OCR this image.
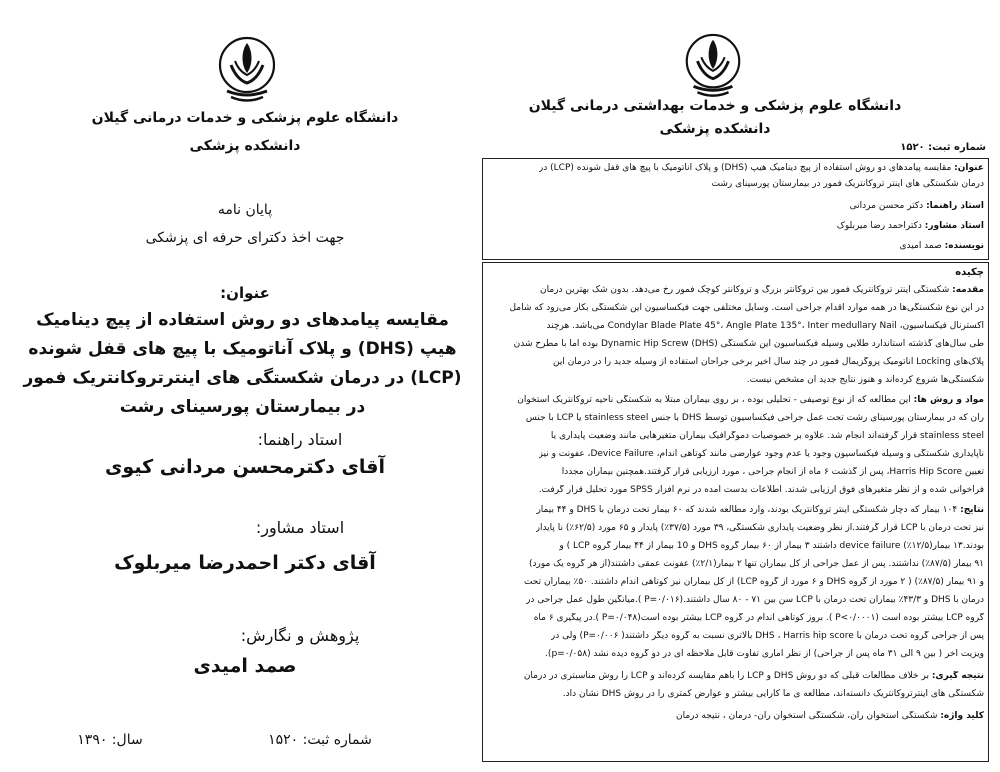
دانشگاه علوم پزشکی و خدمات درمانی گیلان
دانشکده پزشکی
پایان نامه
جهت اخذ دکترای حرفه ای پزشکی
عنوان:
مقایسه پیامدهای دو روش استفاده از پیچ دینامیک هیپ (DHS) و پلاک آناتومیک با پیچ های قفل شونده (LCP) در درمان شکستگی های اینترتروکانتریک فمور در بیمارستان پورسینای رشت
استاد راهنما:
آقای دکترمحسن مردانی کیوی
استاد مشاور:
آقای دکتر احمدرضا میربلوک
پژوهش و نگارش:
صمد امیدی
شماره ثبت: ۱۵۲۰
سال: ۱۳۹۰
دانشگاه علوم پزشکی و خدمات بهداشتی درمانی گیلان
دانشکده پزشکی
شماره ثبت: ۱۵۲۰
عنوان: مقایسه پیامدهای دو روش استفاده از پیچ دینامیک هیپ (DHS) و پلاک آناتومیک با پیچ های قفل شونده (LCP) در
درمان شکستگی های اینتر تروکانتریک فمور در بیمارستان پورسینای رشت
استاد راهنما: دکتر محسن مردانی
استاد مشاور: دکتراحمد رضا میربلوک
نویسنده: صمد امیدی
چکیده
مقدمه: شکستگی اینتر تروکانتریک فمور بین تروکانتر بزرگ و تروکانتر کوچک فمور رخ می‌دهد. بدون شک بهترین درمان
در این نوع شکستگی‌ها در همه موارد اقدام جراحی است. وسایل مختلفی جهت فیکساسیون این شکستگی بکار می‌رود که شامل
اکسترنال فیکساسیون، Condylar Blade Plate 45°، Angle Plate 135°، Inter medullary Nail می‌باشد. هرچند
طی سال‌های گذشته استاندارد طلایی وسیله فیکساسیون این شکستگی Dynamic Hip Screw (DHS) بوده اما با مطرح شدن
پلاک‌های Locking آناتومیک پروگزیمال فمور در چند سال اخیر برخی جراحان استفاده از وسیله جدید را در درمان این
شکستگی‌ها شروع کرده‌اند و هنوز نتایج جدید آن مشخص نیست.
مواد و روش ها: این مطالعه که از نوع توصیفی - تحلیلی بوده ، بر روی بیماران مبتلا به شکستگی ناحیه تروکانتریک استخوان
ران که در بیمارستان پورسینای رشت تحت عمل جراحی فیکساسیون توسط DHS با جنس stainless steel یا LCP با جنس
stainless steel قرار گرفته‌اند انجام شد. علاوه بر خصوصیات دموگرافیک بیماران متغیرهایی مانند وضعیت پایداری یا
ناپایداری شکستگی و وسیله فیکساسیون وجود یا عدم وجود عوارضی مانند کوتاهی اندام، Device Failure، عفونت و نیز
تعیین Harris Hip Score، پس از گذشت ۶ ماه از انجام جراحی ، مورد ارزیابی قرار گرفتند.همچنین بیماران مجددا
فراخوانی شده و از نظر متغیرهای فوق ارزیابی شدند. اطلاعات بدست آمده در نرم افزار SPSS مورد تحلیل قرار گرفت.
نتایج: ۱۰۴ بیمار که دچار شکستگی اینتر تروکانتریک بودند، وارد مطالعه شدند که ۶۰ بیمار تحت درمان با DHS و ۴۴ بیمار
نیز تحت درمان با LCP قرار گرفتند.از نظر وضعیت پایداری شکستگی، ۳۹ مورد (۳۷/۵٪) پایدار و ۶۵ مورد (۶۲/۵٪) نا پایدار
بودند.۱۳ بیمار(۱۲/۵٪) device failure داشتند ۳ بیمار از ۶۰ بیمار گروه DHS و 10 بیمار از ۴۴ بیمار گروه LCP ) و
۹۱ بیمار (۸۷/۵٪) نداشتند. پس از عمل جراحی از کل بیماران تنها ۲ بیمار(۲/۱٪) عفونت عمقی داشتند(از هر گروه یک مورد)
و ۹۱ بیمار (۸۷/۵٪) ( ۲ مورد از گروه DHS و ۶ مورد از گروه LCP) از کل بیماران نیز کوتاهی اندام داشتند. ۵۰٪ بیماران تحت
درمان با DHS و ۴۳/۳٪ بیماران تحت درمان با LCP سن بین ۷۱ - ۸۰ سال داشتند.(P=۰/۰۱۶ ).میانگین طول عمل جراحی در
گروه LCP بیشتر بوده است (P<۰/۰۰۰۱ ). بروز کوتاهی اندام در گروه LCP بیشتر بوده است(P=۰/۰۴۸ ).در پیگیری ۶ ماه
پس از جراحی گروه تحت درمان با DHS ، Harris hip score بالاتری نسبت به گروه دیگر داشتند( P=۰/۰۰۶) ولی در
ویزیت آخر ( بین ۹ الی ۳۱ ماه پس از جراحی) از نظر آماری تفاوت قابل ملاحظه ای در دو گروه دیده نشد (p=۰/۰۵۸).
نتیجه گیری: بر خلاف مطالعات قبلی که دو روش DHS و LCP را باهم مقایسه کرده‌اند و LCP را روش مناسبتری در درمان
شکستگی های اینترتروکانتریک دانسته‌اند، مطالعه ی ما کارایی بیشتر و عوارض کمتری را در روش DHS نشان داد.
کلید واژه: شکستگی استخوان ران، شکستگی استخوان ران- درمان ، نتیجه درمان
